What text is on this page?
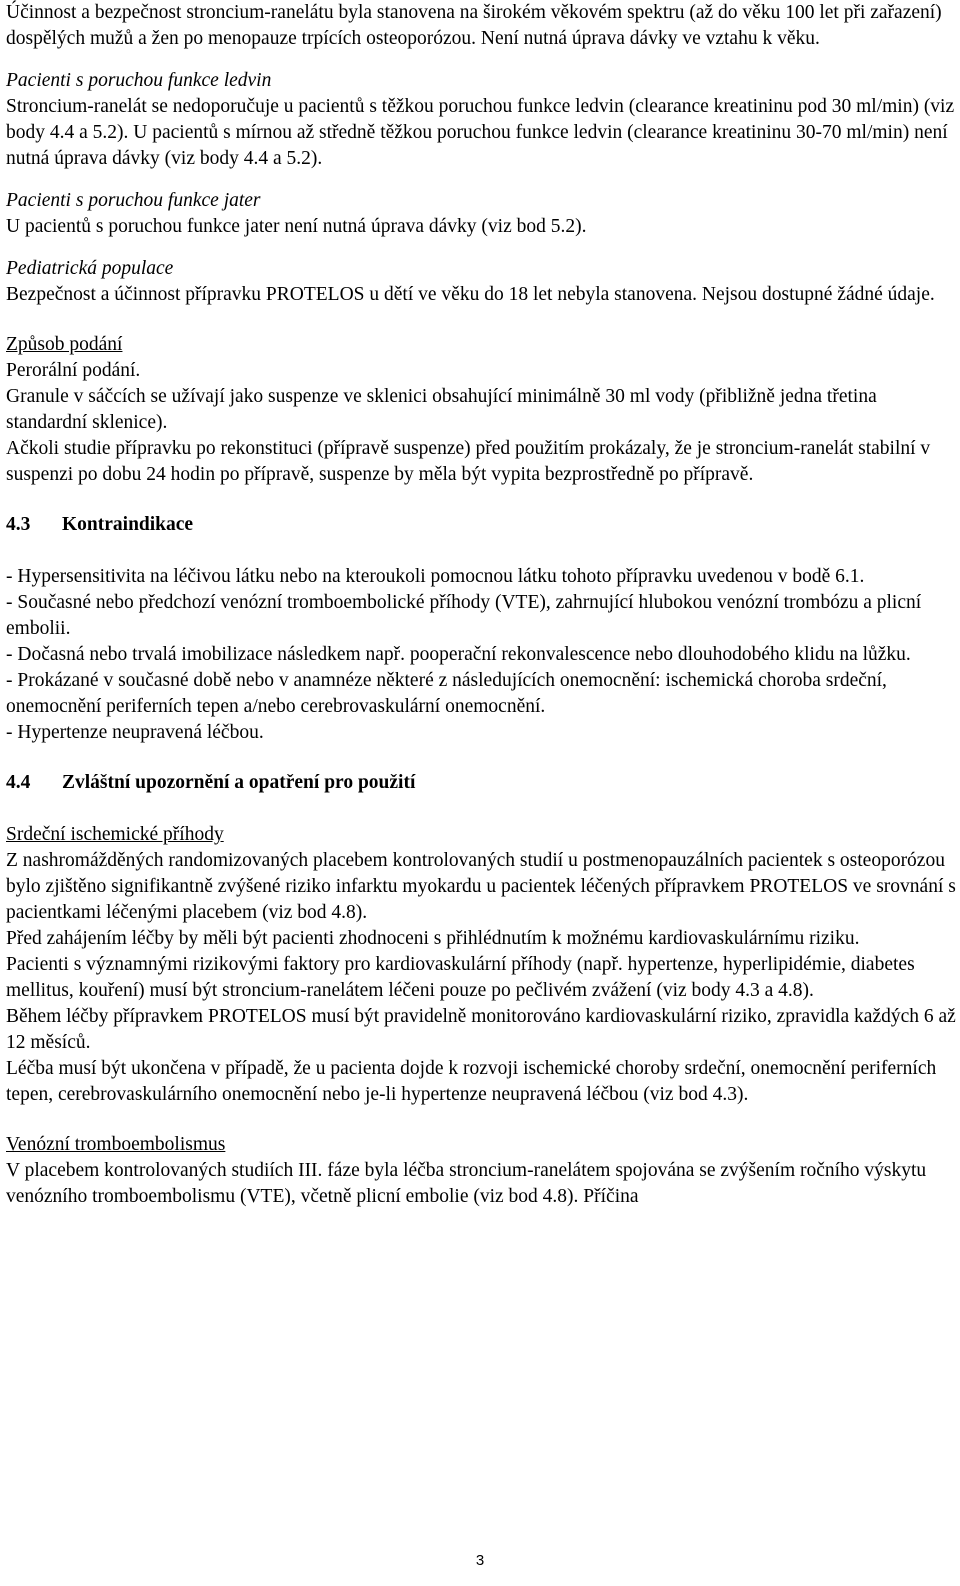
Účinnost a bezpečnost stroncium-ranelátu byla stanovena na širokém věkovém spektru (až do věku 100 let při zařazení) dospělých mužů a žen po menopauze trpících osteoporózou. Není nutná úprava dávky ve vztahu k věku.

Pacienti s poruchou funkce ledvin

Stroncium-ranelát se nedoporučuje u pacientů s těžkou poruchou funkce ledvin (clearance kreatininu pod 30 ml/min) (viz body 4.4 a 5.2). U pacientů s mírnou až středně těžkou poruchou funkce ledvin (clearance kreatininu 30-70 ml/min) není nutná úprava dávky (viz body 4.4 a 5.2).

Pacienti s poruchou funkce jater

U pacientů s poruchou funkce jater není nutná úprava dávky (viz bod 5.2).

Pediatrická populace

Bezpečnost a účinnost přípravku PROTELOS u dětí ve věku do 18 let nebyla stanovena. Nejsou dostupné žádné údaje.

Způsob podání

Perorální podání.

Granule v sáčcích se užívají jako suspenze ve sklenici obsahující minimálně 30 ml vody (přibližně jedna třetina standardní sklenice).

Ačkoli studie přípravku po rekonstituci (přípravě suspenze) před použitím prokázaly, že je stroncium-ranelát stabilní v suspenzi po dobu 24 hodin po přípravě, suspenze by měla být vypita bezprostředně po přípravě.

4.3	Kontraindikace

- Hypersensitivita na léčivou látku nebo na kteroukoli pomocnou látku tohoto přípravku uvedenou v bodě 6.1.

- Současné nebo předchozí venózní tromboembolické příhody (VTE), zahrnující hlubokou venózní trombózu a plicní embolii.

- Dočasná nebo trvalá imobilizace následkem např. pooperační rekonvalescence nebo dlouhodobého klidu na lůžku.

- Prokázané v současné době nebo v anamnéze některé z následujících onemocnění: ischemická choroba srdeční, onemocnění periferních tepen a/nebo cerebrovaskulární onemocnění.

- Hypertenze neupravená léčbou.

4.4	Zvláštní upozornění a opatření pro použití

Srdeční ischemické příhody

Z nashromážděných randomizovaných placebem kontrolovaných studií u postmenopauzálních pacientek s osteoporózou bylo zjištěno signifikantně zvýšené riziko infarktu myokardu u pacientek léčených přípravkem PROTELOS ve srovnání s pacientkami léčenými placebem (viz bod 4.8).

Před zahájením léčby by měli být pacienti zhodnoceni s přihlédnutím k možnému kardiovaskulárnímu riziku.

Pacienti s významnými rizikovými faktory pro kardiovaskulární příhody (např. hypertenze, hyperlipidémie, diabetes mellitus, kouření) musí být stroncium-ranelátem léčeni pouze po pečlivém zvážení (viz body 4.3 a 4.8).

Během léčby přípravkem PROTELOS musí být pravidelně monitorováno kardiovaskulární riziko, zpravidla každých 6 až 12 měsíců.

Léčba musí být ukončena v případě, že u pacienta dojde k rozvoji ischemické choroby srdeční, onemocnění periferních tepen, cerebrovaskulárního onemocnění nebo je-li hypertenze neupravená léčbou (viz bod 4.3).

Venózní tromboembolismus

V placebem kontrolovaných studiích III. fáze byla léčba stroncium-ranelátem spojována se zvýšením ročního výskytu venózního tromboembolismu (VTE), včetně plicní embolie (viz bod 4.8). Příčina

3
